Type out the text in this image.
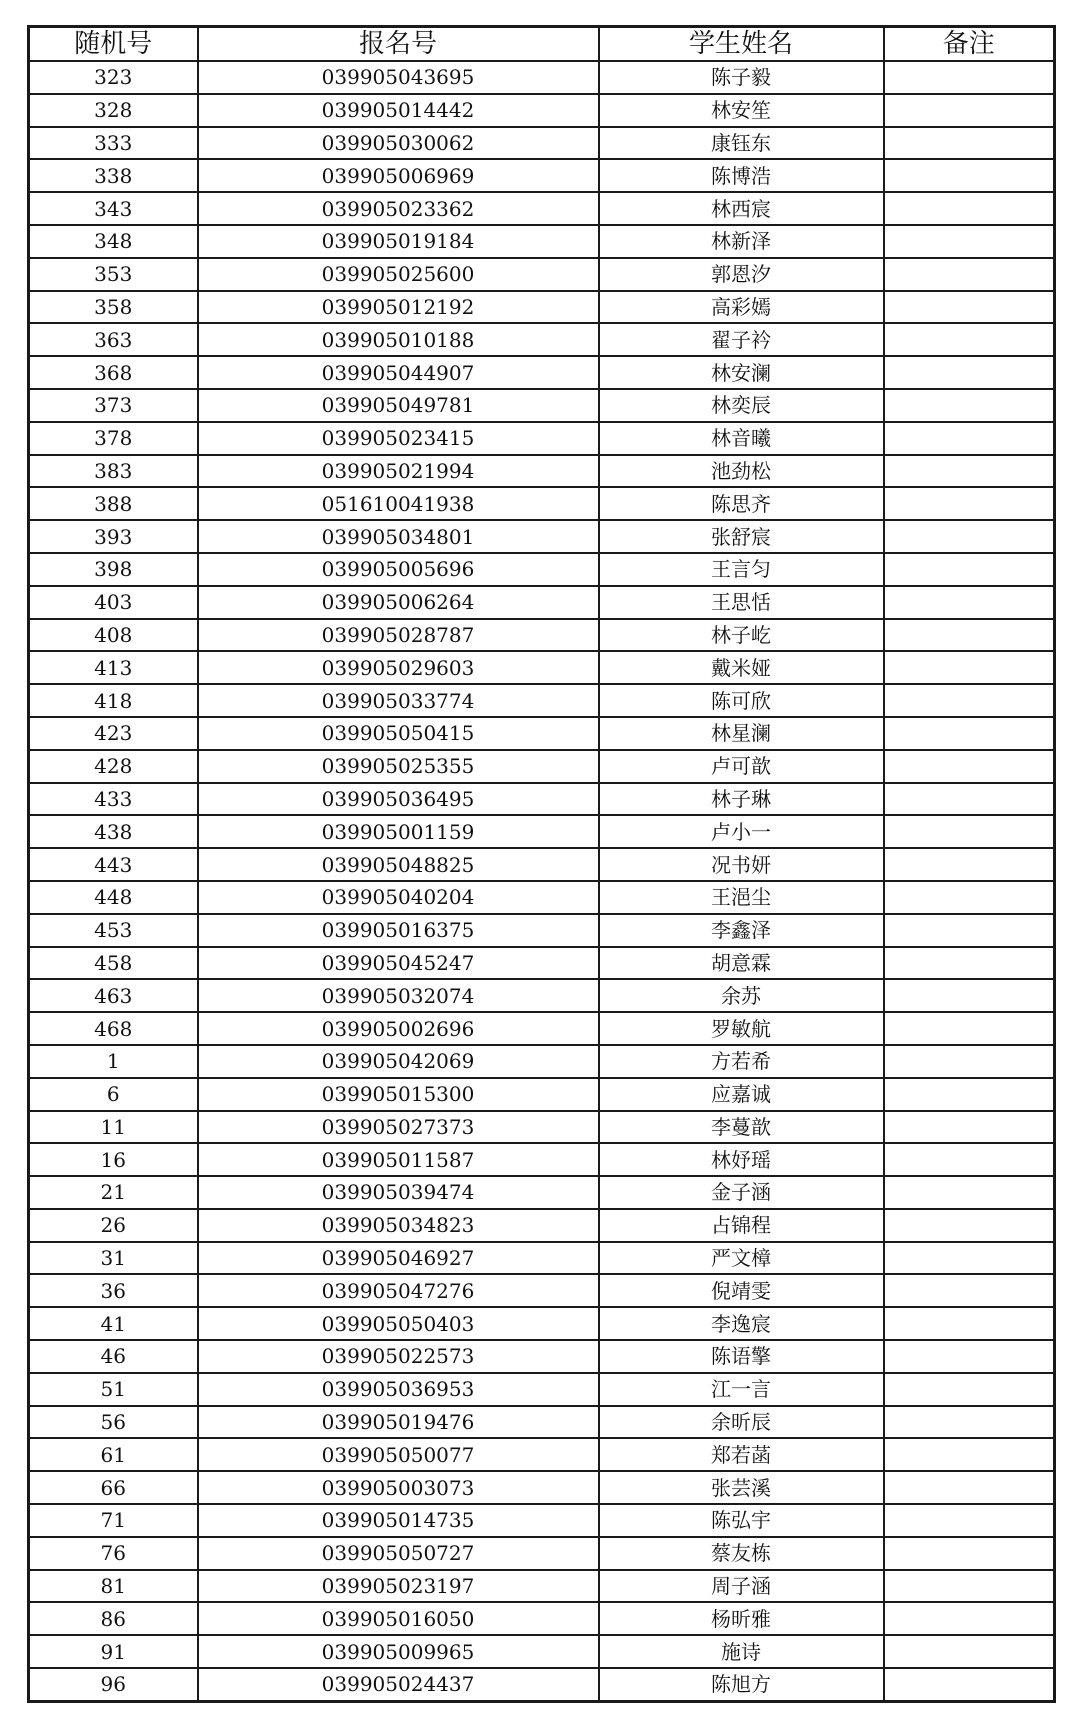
随机号	报名号	学生姓名	备注
323	039905043695	陈子毅	
328	039905014442	林安笙	
333	039905030062	康钰东	
338	039905006969	陈博浩	
343	039905023362	林西宸	
348	039905019184	林新泽	
353	039905025600	郭恩汐	
358	039905012192	高彩嫣	
363	039905010188	翟子衿	
368	039905044907	林安澜	
373	039905049781	林奕辰	
378	039905023415	林音曦	
383	039905021994	池劲松	
388	051610041938	陈思齐	
393	039905034801	张舒宸	
398	039905005696	王言匀	
403	039905006264	王思恬	
408	039905028787	林子屹	
413	039905029603	戴米娅	
418	039905033774	陈可欣	
423	039905050415	林星澜	
428	039905025355	卢可歆	
433	039905036495	林子琳	
438	039905001159	卢小一	
443	039905048825	况书妍	
448	039905040204	王浥尘	
453	039905016375	李鑫泽	
458	039905045247	胡意霖	
463	039905032074	余苏	
468	039905002696	罗敏航	
1	039905042069	方若希	
6	039905015300	应嘉诚	
11	039905027373	李蔓歆	
16	039905011587	林妤瑶	
21	039905039474	金子涵	
26	039905034823	占锦程	
31	039905046927	严文樟	
36	039905047276	倪靖雯	
41	039905050403	李逸宸	
46	039905022573	陈语擎	
51	039905036953	江一言	
56	039905019476	余昕辰	
61	039905050077	郑若菡	
66	039905003073	张芸溪	
71	039905014735	陈弘宇	
76	039905050727	蔡友栋	
81	039905023197	周子涵	
86	039905016050	杨昕雅	
91	039905009965	施诗	
96	039905024437	陈旭方	
